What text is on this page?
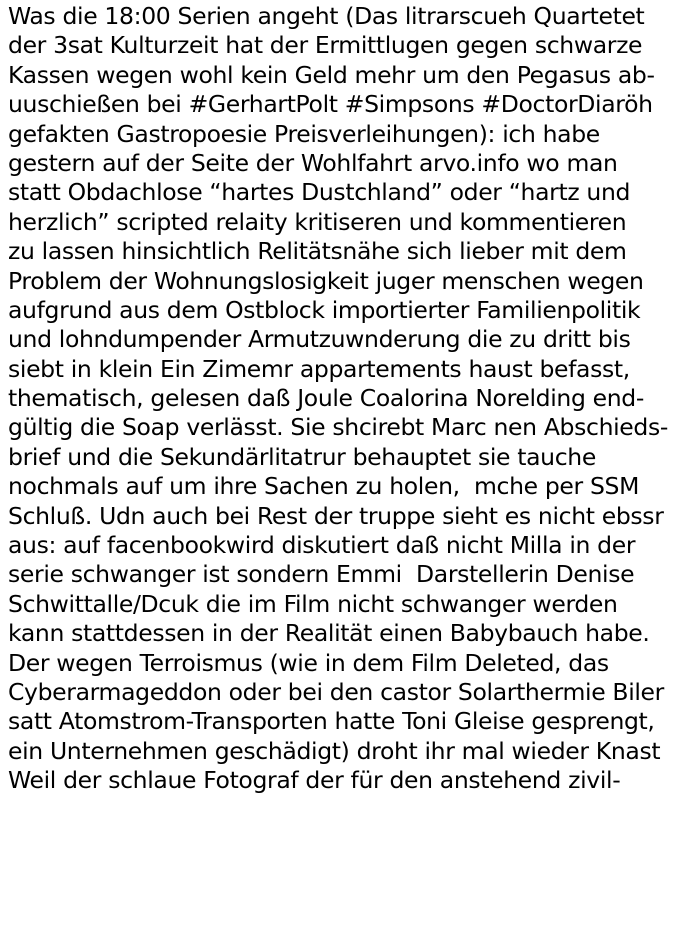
Was die 18:00 Serien angeht (Das litrarscueh Quartetet
der 3sat Kulturzeit hat der Ermittlugen gegen schwarze
Kassen wegen wohl kein Geld mehr um den Pegasus ab-
uuschießen bei #GerhartPolt #Simpsons #DoctorDiaröh
gefakten Gastropoesie Preisverleihungen): ich habe
gestern auf der Seite der Wohlfahrt arvo.info wo man
statt Obdachlose “hartes Dustchland” oder “hartz und
herzlich” scripted relaity kritiseren und kommentieren
zu lassen hinsichtlich Relitätsnähe sich lieber mit dem
Problem der Wohnungslosigkeit juger menschen wegen
aufgrund aus dem Ostblock importierter Familienpolitik
und lohndumpender Armutzuwnderung die zu dritt bis
siebt in klein Ein Zimemr appartements haust befasst,
thematisch, gelesen daß Joule Coalorina Norelding end-
gültig die Soap verlässt. Sie shcirebt Marc nen Abschieds-
brief und die Sekundärlitatrur behauptet sie tauche
nochmals auf um ihre Sachen zu holen,  mche per SSM
Schluß. Udn auch bei Rest der truppe sieht es nicht ebssr
aus: auf facenbookwird diskutiert daß nicht Milla in der
serie schwanger ist sondern Emmi  Darstellerin Denise
Schwittalle/Dcuk die im Film nicht schwanger werden
kann stattdessen in der Realität einen Babybauch habe.
Der wegen Terroismus (wie in dem Film Deleted, das
Cyberarmageddon oder bei den castor Solarthermie Biler
satt Atomstrom-Transporten hatte Toni Gleise gesprengt,
ein Unternehmen geschädigt) droht ihr mal wieder Knast
Weil der schlaue Fotograf der für den anstehend zivil-
